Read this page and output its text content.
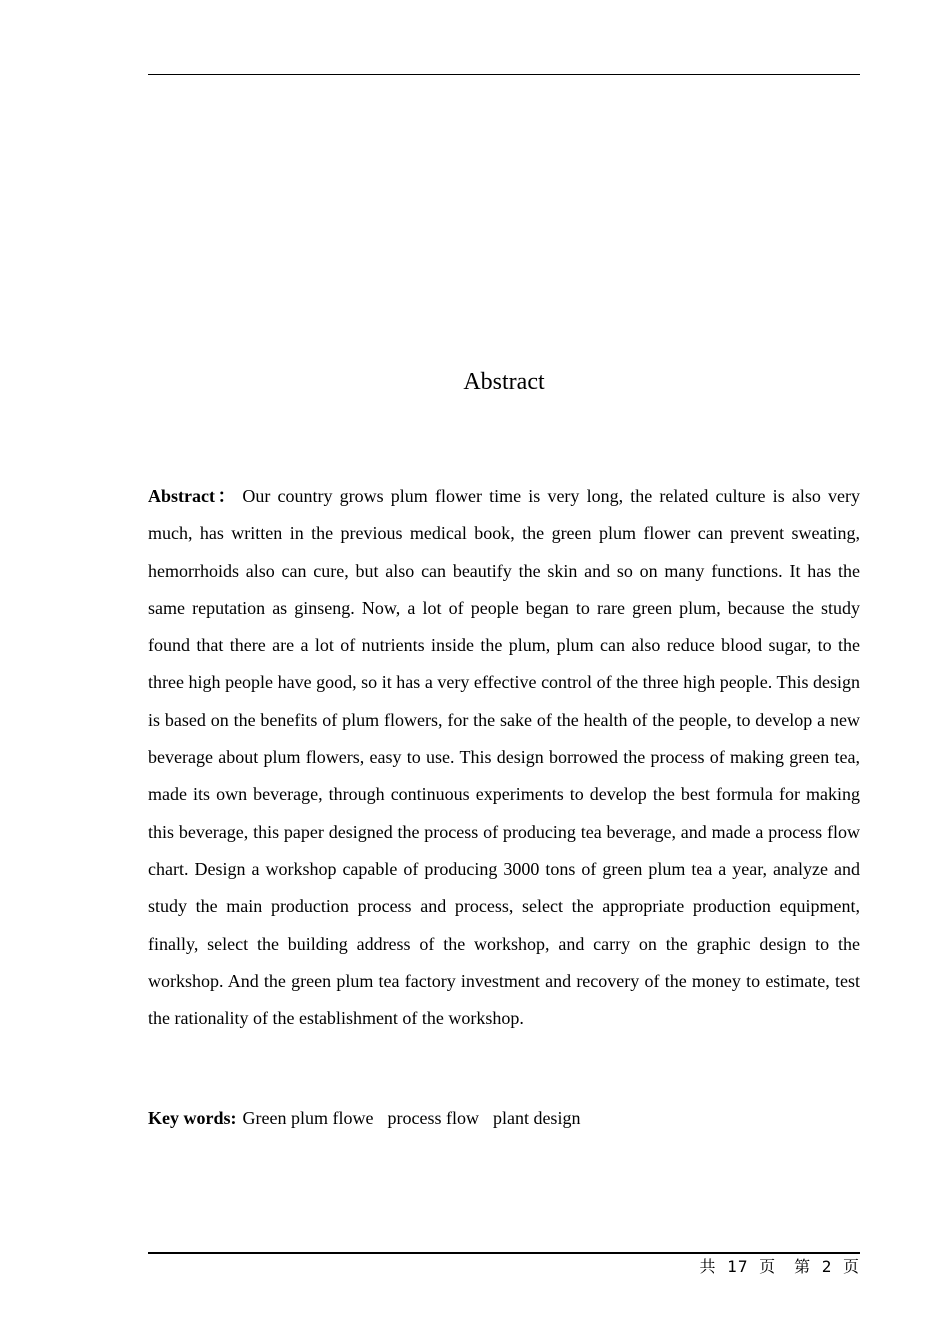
Abstract

Abstract： Our country grows plum flower time is very long, the related culture is also very much, has written in the previous medical book, the green plum flower can prevent sweating, hemorrhoids also can cure, but also can beautify the skin and so on many functions. It has the same reputation as ginseng. Now, a lot of people began to rare green plum, because the study found that there are a lot of nutrients inside the plum, plum can also reduce blood sugar, to the three high people have good, so it has a very effective control of the three high people. This design is based on the benefits of plum flowers, for the sake of the health of the people, to develop a new beverage about plum flowers, easy to use. This design borrowed the process of making green tea, made its own beverage, through continuous experiments to develop the best formula for making this beverage, this paper designed the process of producing tea beverage, and made a process flow chart. Design a workshop capable of producing 3000 tons of green plum tea a year, analyze and study the main production process and process, select the appropriate production equipment, finally, select the building address of the workshop, and carry on the graphic design to the workshop. And the green plum tea factory investment and recovery of the money to estimate, test the rationality of the establishment of the workshop.

Key words: Green plum flowe process flow plant design

共 17 页 第 2 页
